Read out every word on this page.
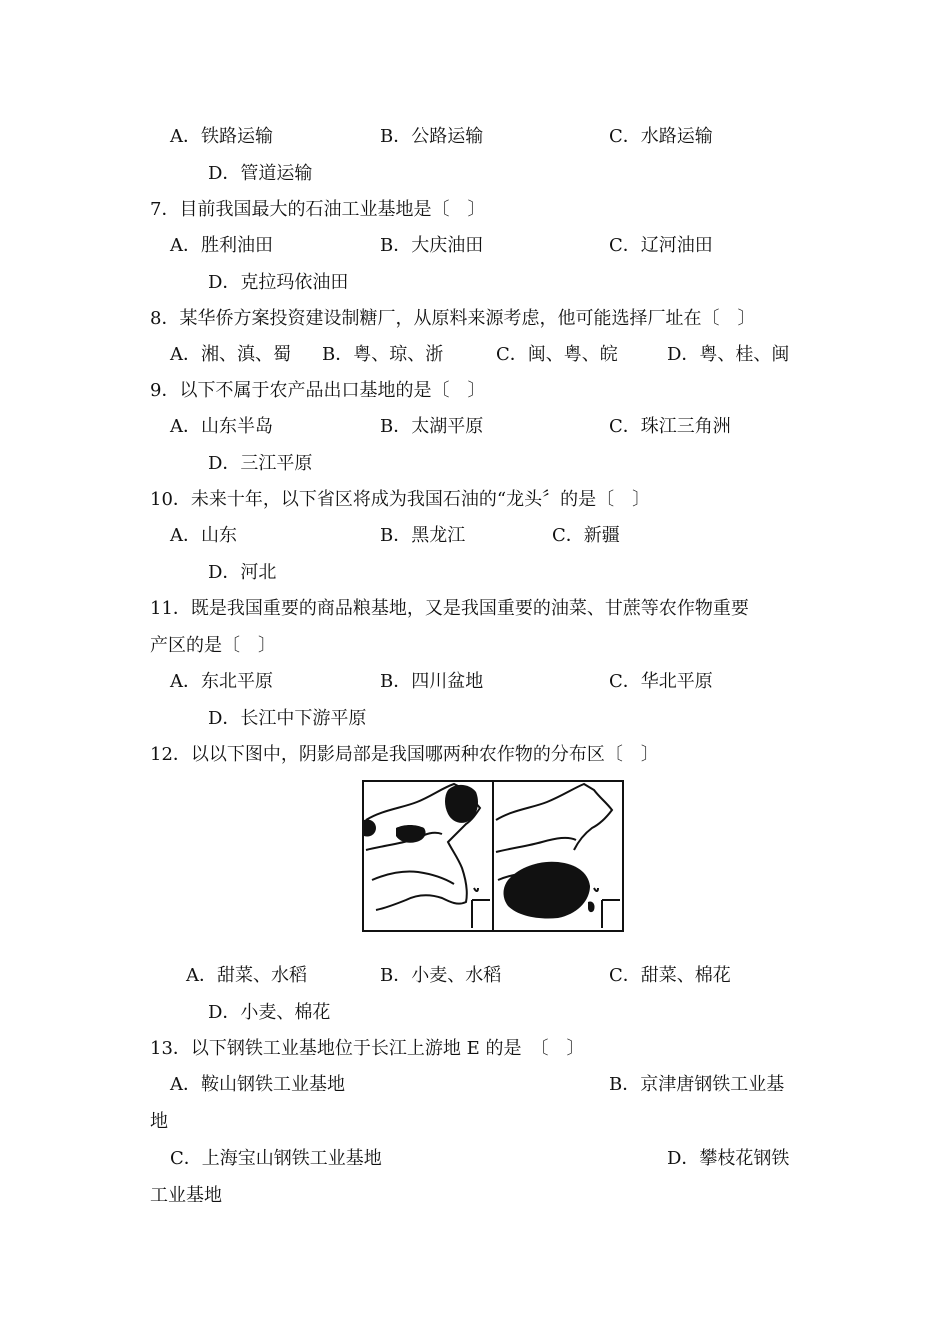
A．铁路运输	B．公路运输	C．水路运输
D．管道运输
7．目前我国最大的石油工业基地是〔　〕
A．胜利油田	B．大庆油田	C．辽河油田
D．克拉玛依油田
8．某华侨方案投资建设制糖厂，从原料来源考虑，他可能选择厂址在〔　〕
A．湘、滇、蜀 B．粤、琼、浙	C．闽、粤、皖	D．粤、桂、闽
9．以下不属于农产品出口基地的是〔　〕
A．山东半岛	B．太湖平原	C．珠江三角洲
D．三江平原
10．未来十年，以下省区将成为我国石油的“龙头〞的是〔　〕
A．山东	B．黑龙江	C．新疆
D．河北
11．既是我国重要的商品粮基地，又是我国重要的油菜、甘蔗等农作物重要
产区的是〔　〕
A．东北平原	B．四川盆地	C．华北平原
D．长江中下游平原
12．以以下图中，阴影局部是我国哪两种农作物的分布区〔　〕
A．甜菜、水稻	B．小麦、水稻	C．甜菜、棉花
D．小麦、棉花
13．以下钢铁工业基地位于长江上游地 E 的是　〔　〕
A．鞍山钢铁工业基地	B．京津唐钢铁工业基
地
C．上海宝山钢铁工业基地	D．攀枝花钢铁
工业基地
